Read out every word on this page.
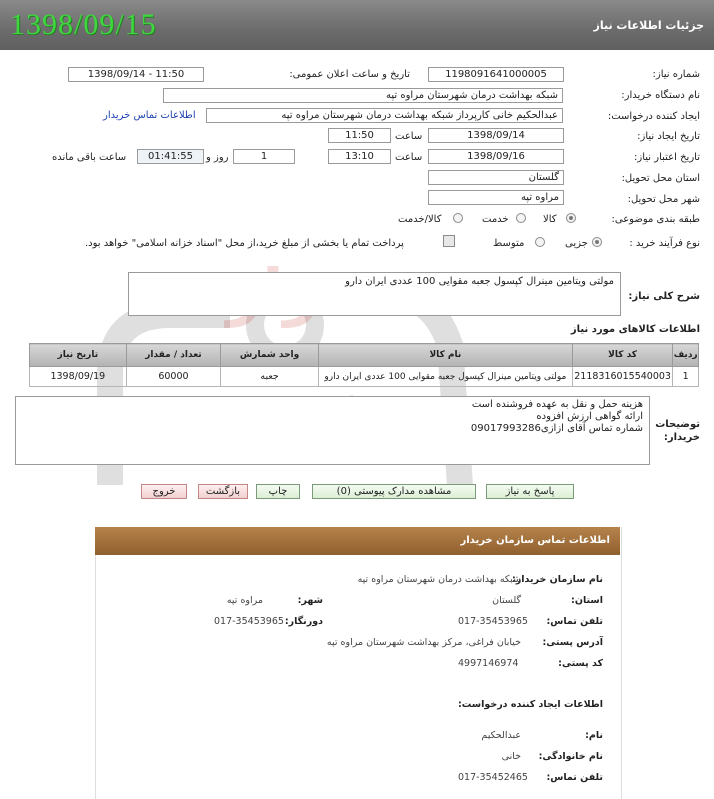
1398/09/15	جزئیات اطلاعات نیاز
شماره نیاز:
1198091641000005
تاریخ و ساعت اعلان عمومی:
1398/09/14 - 11:50
نام دستگاه خریدار:
شبکه بهداشت درمان شهرستان مراوه تپه
ایجاد کننده درخواست:
عبدالحکیم خانی کارپرداز شبکه بهداشت درمان شهرستان مراوه تپه
اطلاعات تماس خریدار
تاریخ ایجاد نیاز:
1398/09/14
ساعت
11:50
تاریخ اعتبار نیاز:
1398/09/16
ساعت
13:10
1
روز و
01:41:55
ساعت باقی مانده
استان محل تحویل:
گلستان
شهر محل تحویل:
مراوه تپه
طبقه بندی موضوعی:
کالا
خدمت
کالا/خدمت
نوع فرآیند خرید :
جزیی
متوسط
پرداخت تمام یا بخشی از مبلغ خرید،از محل "اسناد خزانه اسلامی" خواهد بود.
مولتی ویتامین مینرال کپسول جعبه مقوایی 100 عددی ایران دارو
شرح کلی نیاز:
اطلاعات کالاهای مورد نیاز
تاریخ نیاز	تعداد / مقدار	واحد شمارش	نام کالا	کد کالا	ردیف
1398/09/19	60000	جعبه	مولتی ویتامین مینرال کپسول جعبه مقوایی 100 عددی ایران دارو	2118316015540003	1
هزینه حمل و نقل به عهده فروشنده است
ارائه گواهی ارزش افزوده
شماره تماس آقای ازازی09017993286 توضیحات
خریدار:
پاسخ به نیاز
مشاهده مدارک پیوستی (0)
چاپ
بازگشت
خروج
اطلاعات تماس سازمان خریدار
نام سازمان خریدار:
شبکه بهداشت درمان شهرستان مراوه تپه
استان:
گلستان
شهر:
مراوه تپه
تلفن تماس:
017-35453965
دورنگار:
017-35453965
آدرس پستی:
خیابان فراغی، مرکز بهداشت شهرستان مراوه تپه
کد پستی:
4997146974
اطلاعات ایجاد کننده درخواست:
نام:
عبدالحکیم
نام خانوادگی:
خانی
تلفن تماس:
017-35452465
